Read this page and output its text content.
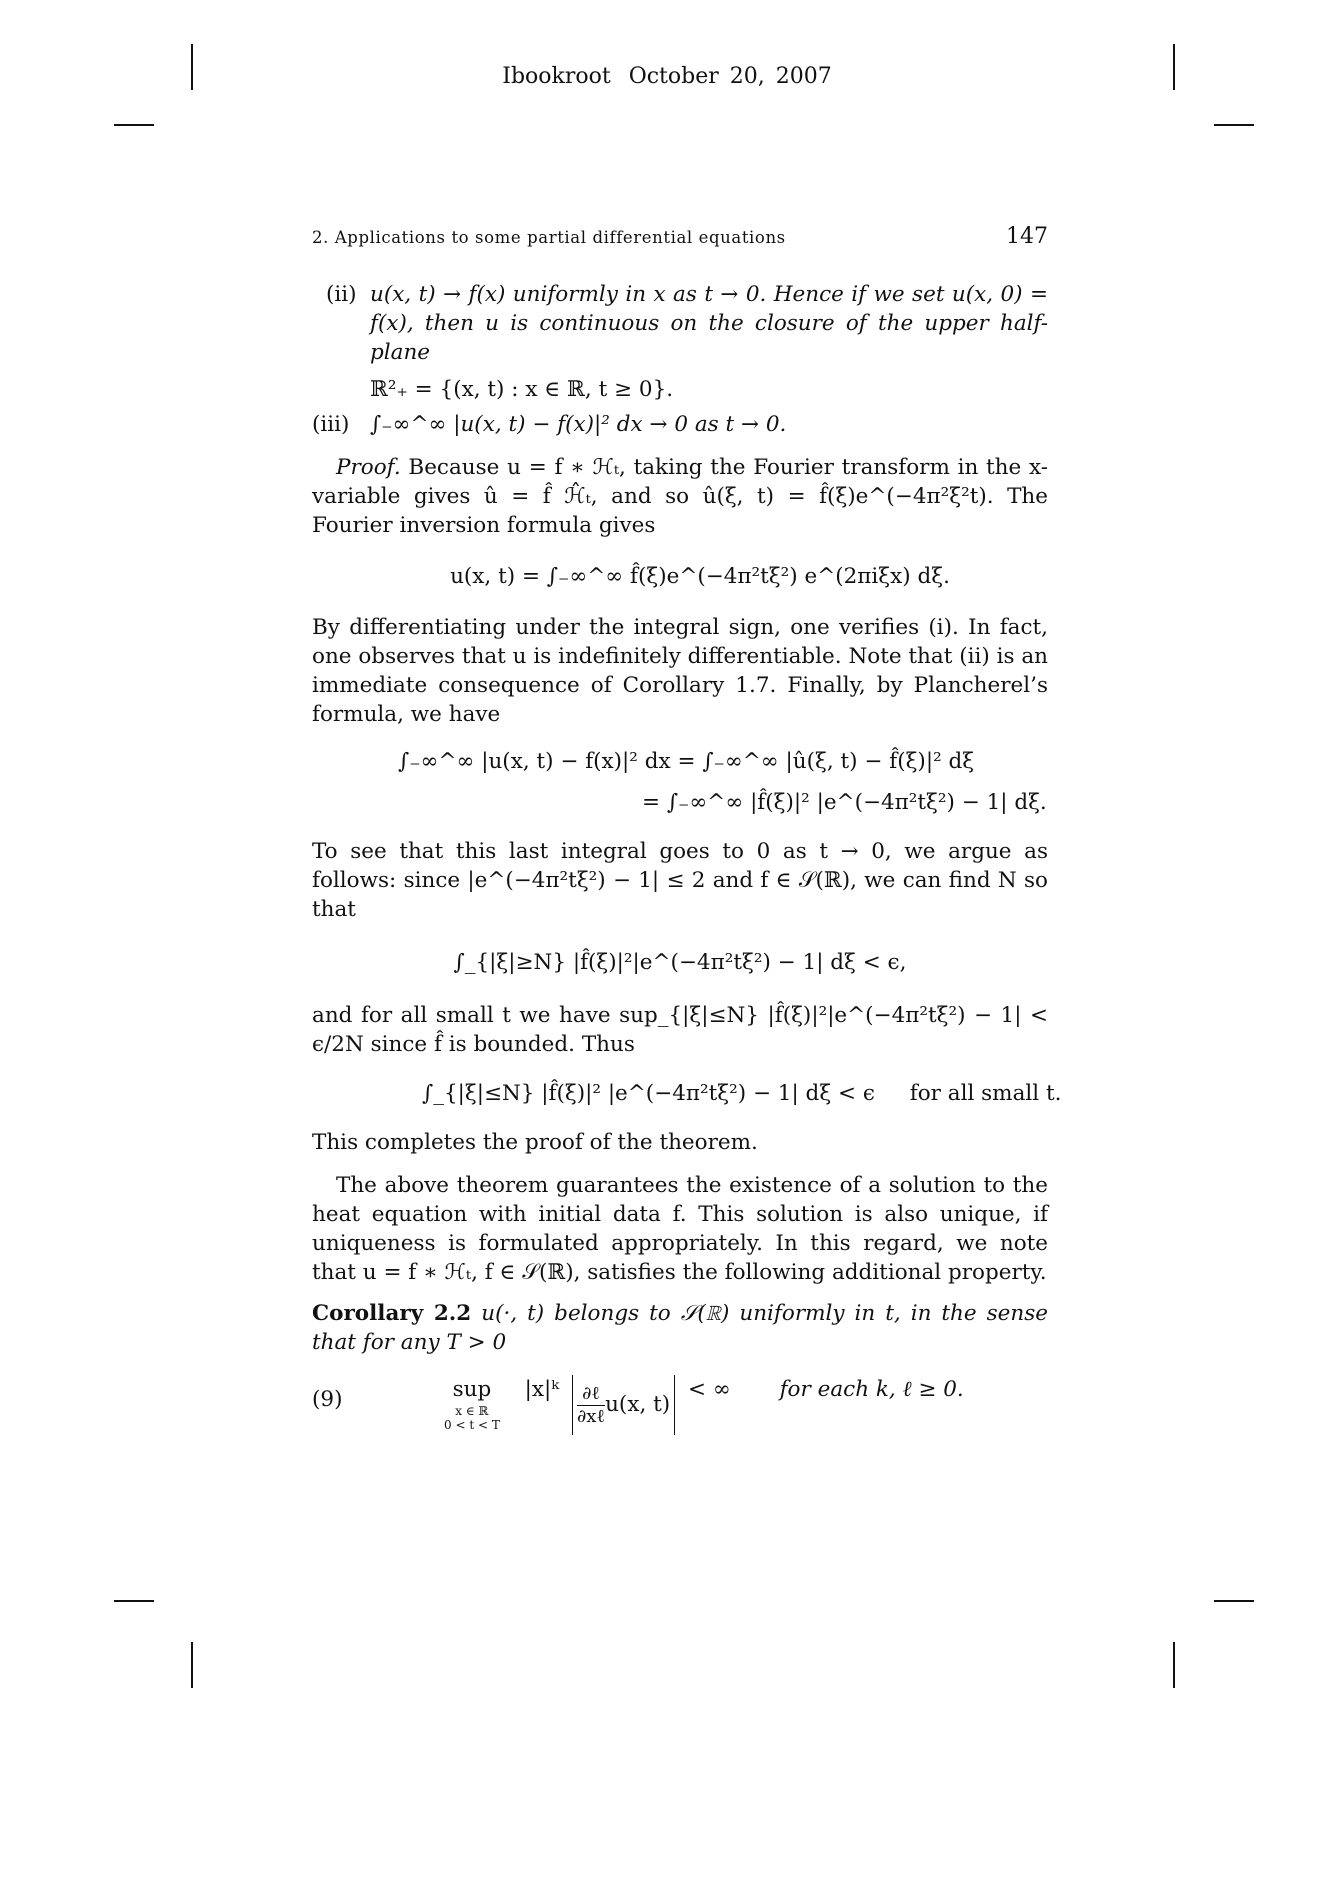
Ibookroot October 20, 2007
2. Applications to some partial differential equations	147
(ii) u(x, t) → f(x) uniformly in x as t → 0. Hence if we set u(x, 0) =
f(x), then u is continuous on the closure of the upper half-plane
ℝ²₊ = {(x, t) : x ∈ ℝ, t ≥ 0}.
(iii) ∫₋∞^∞ |u(x, t) − f(x)|² dx → 0 as t → 0.
Proof. Because u = f ∗ ℋₜ, taking the Fourier transform in the x-variable gives û = f̂ ℋ̂ₜ, and so û(ξ, t) = f̂(ξ)e^(−4π²ξ²t). The Fourier inversion formula gives
u(x, t) = ∫₋∞^∞ f̂(ξ)e^(−4π²tξ²) e^(2πiξx) dξ.
By differentiating under the integral sign, one verifies (i). In fact, one observes that u is indefinitely differentiable. Note that (ii) is an immediate consequence of Corollary 1.7. Finally, by Plancherel’s formula, we have
∫₋∞^∞ |u(x, t) − f(x)|² dx = ∫₋∞^∞ |û(ξ, t) − f̂(ξ)|² dξ
= ∫₋∞^∞ |f̂(ξ)|² |e^(−4π²tξ²) − 1| dξ.
To see that this last integral goes to 0 as t → 0, we argue as follows: since |e^(−4π²tξ²) − 1| ≤ 2 and f ∈ 𝒮(ℝ), we can find N so that
∫_{|ξ|≥N} |f̂(ξ)|²|e^(−4π²tξ²) − 1| dξ < ϵ,
and for all small t we have sup_{|ξ|≤N} |f̂(ξ)|²|e^(−4π²tξ²) − 1| < ϵ/2N since f̂ is bounded. Thus
∫_{|ξ|≤N} |f̂(ξ)|² |e^(−4π²tξ²) − 1| dξ < ϵ for all small t.
This completes the proof of the theorem.
The above theorem guarantees the existence of a solution to the heat equation with initial data f. This solution is also unique, if uniqueness is formulated appropriately. In this regard, we note that u = f ∗ ℋₜ, f ∈ 𝒮(ℝ), satisfies the following additional property.
Corollary 2.2 u(·, t) belongs to 𝒮(ℝ) uniformly in t, in the sense that for any T > 0
(9)	sup
x ∈ ℝ
0 < t < T
|x|ᵏ $\frac{\text{∂ℓ}}{\text{∂xℓ}} u(x$, t) < ∞ for each k, ℓ ≥ 0.
